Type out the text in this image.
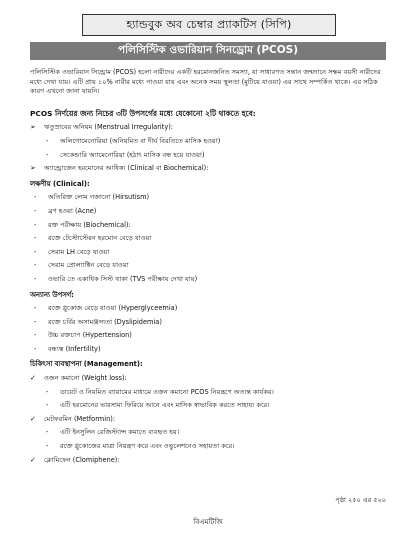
হ্যান্ডবুক অব চেম্বার প্র্যাকটিস (সিপি)
পলিসিস্টিক ওভারিয়ান সিনড্রোম (PCOS)

পলিসিস্টিক ওভারিয়ান সিন্ড্রোম (PCOS) হলো নারীদের একটি হরমোনজনিত সমস্যা, যা সাধারণত সন্তান জন্মদানে সক্ষম বয়সী নারীদের মধ্যে দেখা যায়। এটি প্রায় ১০% নারীর মধ্যে পাওয়া যায় এবং অনেক সময় স্থূলতা (মুটিয়ে যাওয়া) এর সাথে সম্পর্কিত থাকে। এর সঠিক কারণ এখনো জানা যায়নি।

PCOS নির্ণয়ের জন্য নিচের ৩টি উপসর্গের মধ্যে যেকোনো ২টি থাকতে হবে:
➢	ঋতুস্রাবের অনিয়ম (Menstrual Irregularity):
-	অলিগোমেনোরিয়া (অনিয়মিত বা দীর্ঘ বিরতিতে মাসিক হওয়া)
-	সেকেন্ডারি অ্যামেনোরিয়া (হঠাৎ মাসিক বন্ধ হয়ে যাওয়া)
➢	অ্যান্ড্রোজেন হরমোনের আধিক্য (Clinical বা Biochemical):
লক্ষণীয় (Clinical):
-	অতিরিক্ত লোম গজানো (Hirsutism)
-	ব্রণ হওয়া (Acne)
-	রক্ত পরীক্ষায় (Biochemical):
-	রক্তে টেস্টোস্টেরন হরমোন বেড়ে যাওয়া
-	সেরাম LH বেড়ে যাওয়া
-	সেরাম প্রোল্যাক্টিন বেড়ে যাওয়া
-	ওভারি তে একাধিক সিস্ট থাকা (TVS পরীক্ষায় দেখা যায়)
অন্যান্য উপসর্গ:
-	রক্তে গ্লুকোজ বেড়ে যাওয়া (Hyperglyceemia)
-	রক্তে চর্বির অসামঞ্জস্যতা (Dyslipidemia)
-	উচ্চ রক্তচাপ (Hypertension)
-	বন্ধ্যত্ব (Infertility)
চিকিৎসা ব্যবস্থাপনা (Management):
✓	ওজন কমানো (Weight loss):
-	ডায়েট ও নিয়মিত ব্যায়ামের মাধ্যমে ওজন কমানো PCOS নিয়ন্ত্রণে অত্যন্ত কার্যকর।
-	এটি হরমোনের ভারসাম্য ফিরিয়ে আনে এবং মাসিক স্বাভাবিক করতে সাহায্য করে।
✓	মেটফরমিন (Metformin):
-	এটি ইনসুলিন রেজিস্ট্যান্স কমাতে ব্যবহৃত হয়।
-	রক্তে গ্লুকোজের মাত্রা নিয়ন্ত্রণ করে এবং ওভুলেশনেও সহায়তা করে।
✓	ক্লোমিফেন (Clomiphene):
পৃষ্ঠা ২৫০ এর ৫২০
বিএমটিজি
